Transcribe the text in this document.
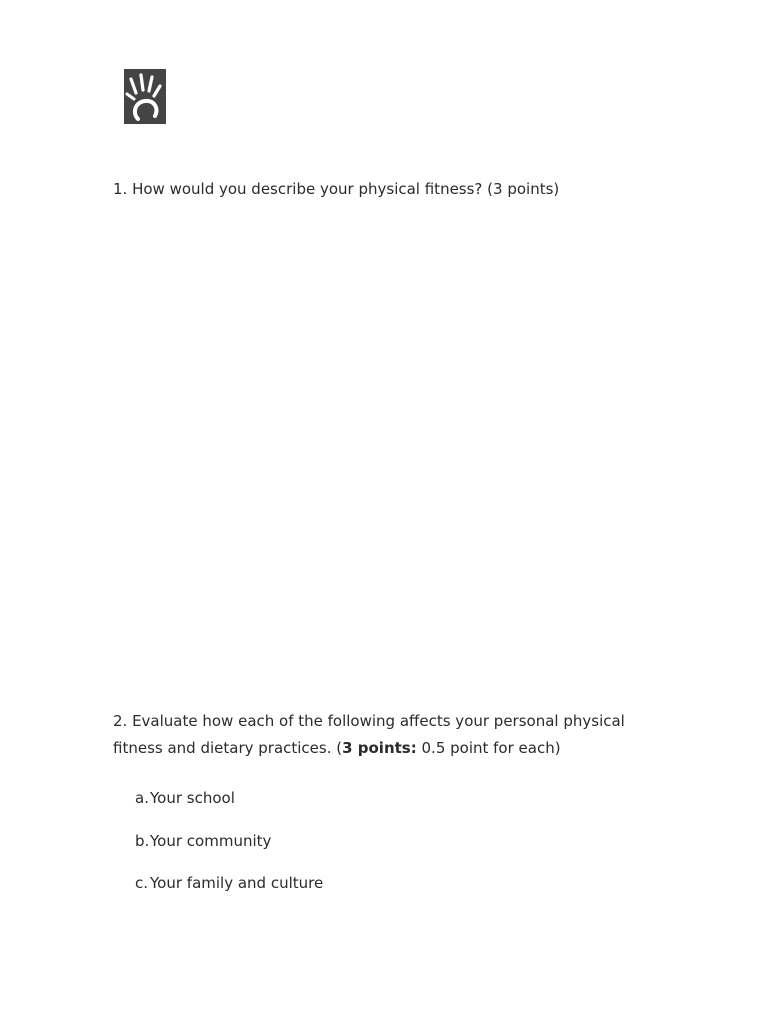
1. How would you describe your physical fitness? (3 points)

2. Evaluate how each of the following affects your personal physical fitness and dietary practices. (3 points: 0.5 point for each)

a.Your school
b.Your community
c. Your family and culture
